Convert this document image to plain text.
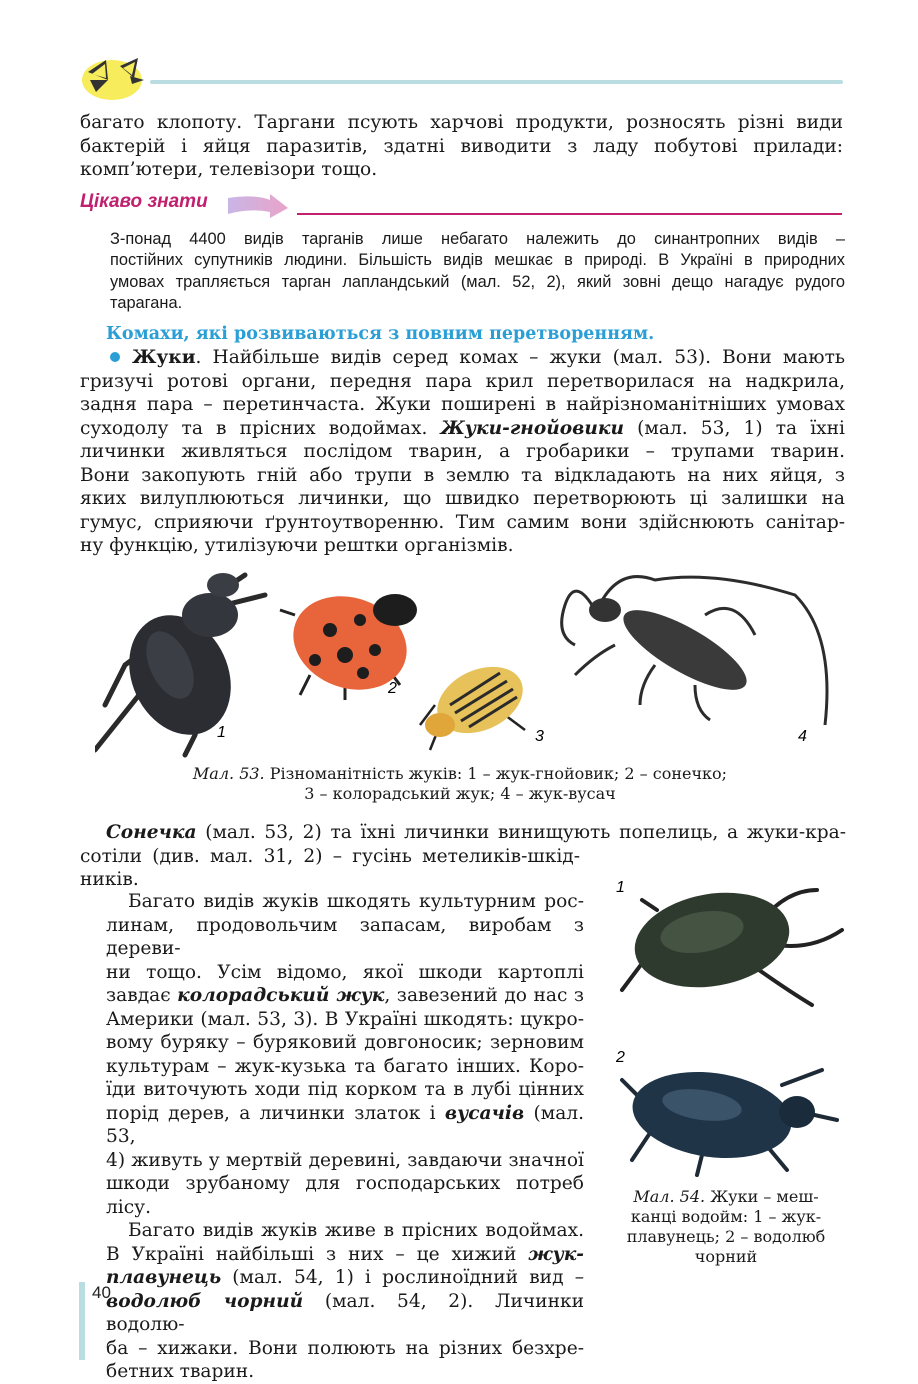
багато клопоту. Таргани псують харчові продукти, розносять різні види

бактерій і яйця паразитів, здатні виводити з ладу побутові прилади:

комп’ютери, телевізори тощо.

Цікаво знати

З-понад 4400 видів тарганів лише небагато належить до синантропних видів –

постійних супутників людини. Більшість видів мешкає в природі. В Україні в природних

умовах трапляється тарган лапландський (мал. 52, 2), який зовні дещо нагадує рудого

тарагана.

Комахи, які розвиваються з повним перетворенням.

Жуки. Найбільше видів серед комах – жуки (мал. 53). Вони мають

гризучі ротові органи, передня пара крил перетворилася на надкрила,

задня пара – перетинчаста. Жуки поширені в найрізноманітніших умовах

суходолу та в прісних водоймах. Жуки-гнойовики (мал. 53, 1) та їхні

личинки живляться послідом тварин, а гробарики – трупами тварин.

Вони закопують гній або трупи в землю та відкладають на них яйця, з

яких вилуплюються личинки, що швидко перетворюють ці залишки на

гумус, сприяючи ґрунтоутворенню. Тим самим вони здійснюють санітар-

ну функцію, утилізуючи рештки організмів.

1
2
3	4
Мал. 53. Різноманітність жуків: 1 – жук-гнойовик; 2 – сонечко;
3 – колорадський жук; 4 – жук-вусач

Сонечка (мал. 53, 2) та їхні личинки винищують попелиць, а жуки-кра-

сотіли (див. мал. 31, 2) – гусінь метеликів-шкід-

ників.

Багато видів жуків шкодять культурним рос-

линам, продовольчим запасам, виробам з дереви-

ни тощо. Усім відомо, якої шкоди картоплі

завдає колорадський жук, завезений до нас з

Америки (мал. 53, 3). В Україні шкодять: цукро-

вому буряку – буряковий довгоносик; зерновим

культурам – жук-кузька та багато інших. Коро-

їди виточують ходи під корком та в лубі цінних

порід дерев, а личинки златок і вусачів (мал. 53,

4) живуть у мертвій деревині, завдаючи значної

шкоди зрубаному для господарських потреб лісу.

Багато видів жуків живе в прісних водоймах.

В Україні найбільші з них – це хижий жук-

плавунець (мал. 54, 1) і рослиноїдний вид –

водолюб чорний (мал. 54, 2). Личинки водолю-

ба – хижаки. Вони полюють на різних безхре-

бетних тварин.

1
2
Мал. 54. Жуки – меш-
канці водойм: 1 – жук-
плавунець; 2 – водолюб
чорний
40
